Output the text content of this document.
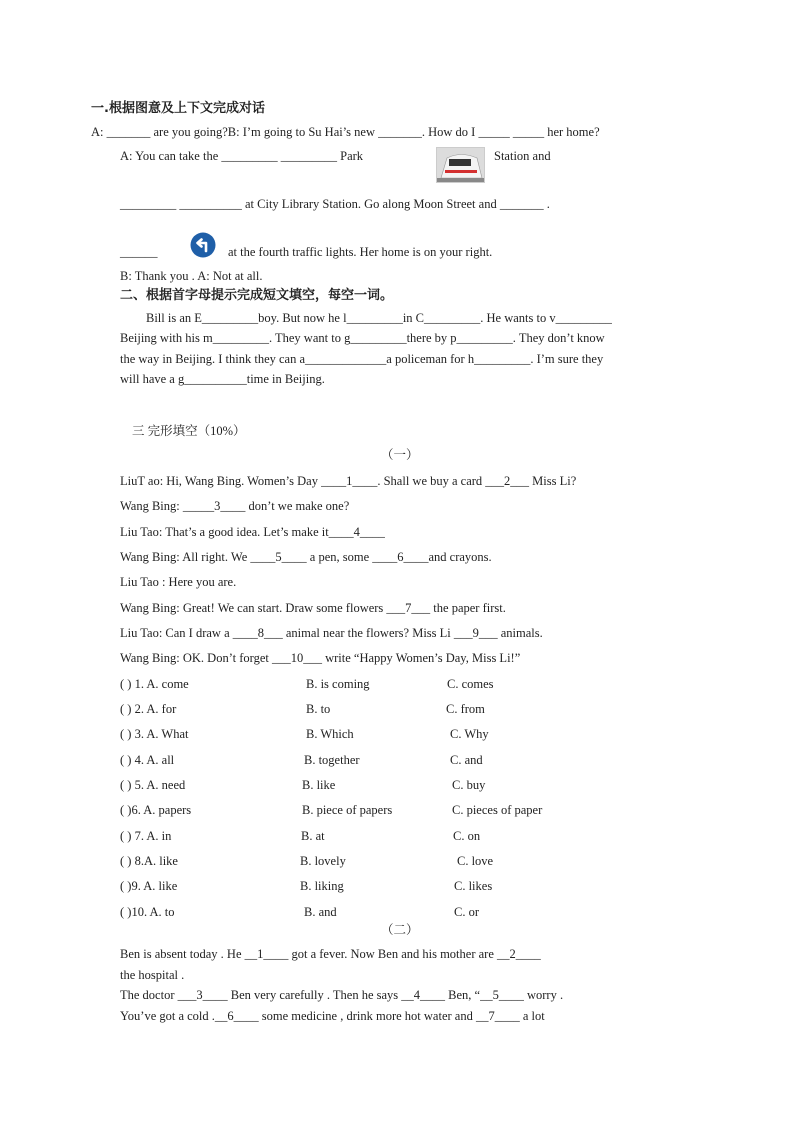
一.根据图意及上下文完成对话
A: _______ are you going?B: I’m going to Su Hai’s new _______. How do I _____ _____ her home?
A: You can take the _________ _________ Park	Station and
_________ __________ at City Library Station. Go along Moon Street and _______ .
______	at the fourth traffic lights. Her home is on your right.
B: Thank you . A: Not at all.
二、根据首字母提示完成短文填空，每空一词。
Bill is an E_________boy. But now he l_________in C_________. He wants to v_________
Beijing with his m_________. They want to g_________there by p_________. They don’t know
the way in Beijing. I think they can a_____________a policeman for h_________. I’m sure they
will have a g__________time in Beijing.
三 完形填空（10%）
（一）
LiuT ao: Hi, Wang Bing. Women’s Day ____1____. Shall we buy a card ___2___ Miss Li?
Wang Bing: _____3____ don’t we make one?
Liu Tao: That’s a good idea. Let’s make it____4____
Wang Bing: All right. We ____5____ a pen, some ____6____and crayons.
Liu Tao : Here you are.
Wang Bing: Great! We can start. Draw some flowers ___7___ the paper first.
Liu Tao: Can I draw a ____8___ animal near the flowers? Miss Li ___9___ animals.
Wang Bing: OK. Don’t forget ___10___ write “Happy Women’s Day, Miss Li!”
( ) 1. A. come	B. is coming	C. comes
( ) 2. A. for	B. to	C. from
( ) 3. A. What	B. Which	C. Why
( ) 4. A. all	B. together	C. and
( ) 5. A. need	B. like	C. buy
( )6. A. papers	B. piece of papers	C. pieces of paper
( ) 7. A. in	B. at	C. on
( ) 8.A. like	B. lovely	C. love
( )9. A. like	B. liking	C. likes
( )10. A. to	B. and	C. or
（二）
Ben is absent today . He __1____ got a fever. Now Ben and his mother are __2____
the hospital .
The doctor ___3____ Ben very carefully . Then he says __4____ Ben, “__5____ worry .
You’ve got a cold .__6____ some medicine , drink more hot water and __7____ a lot
